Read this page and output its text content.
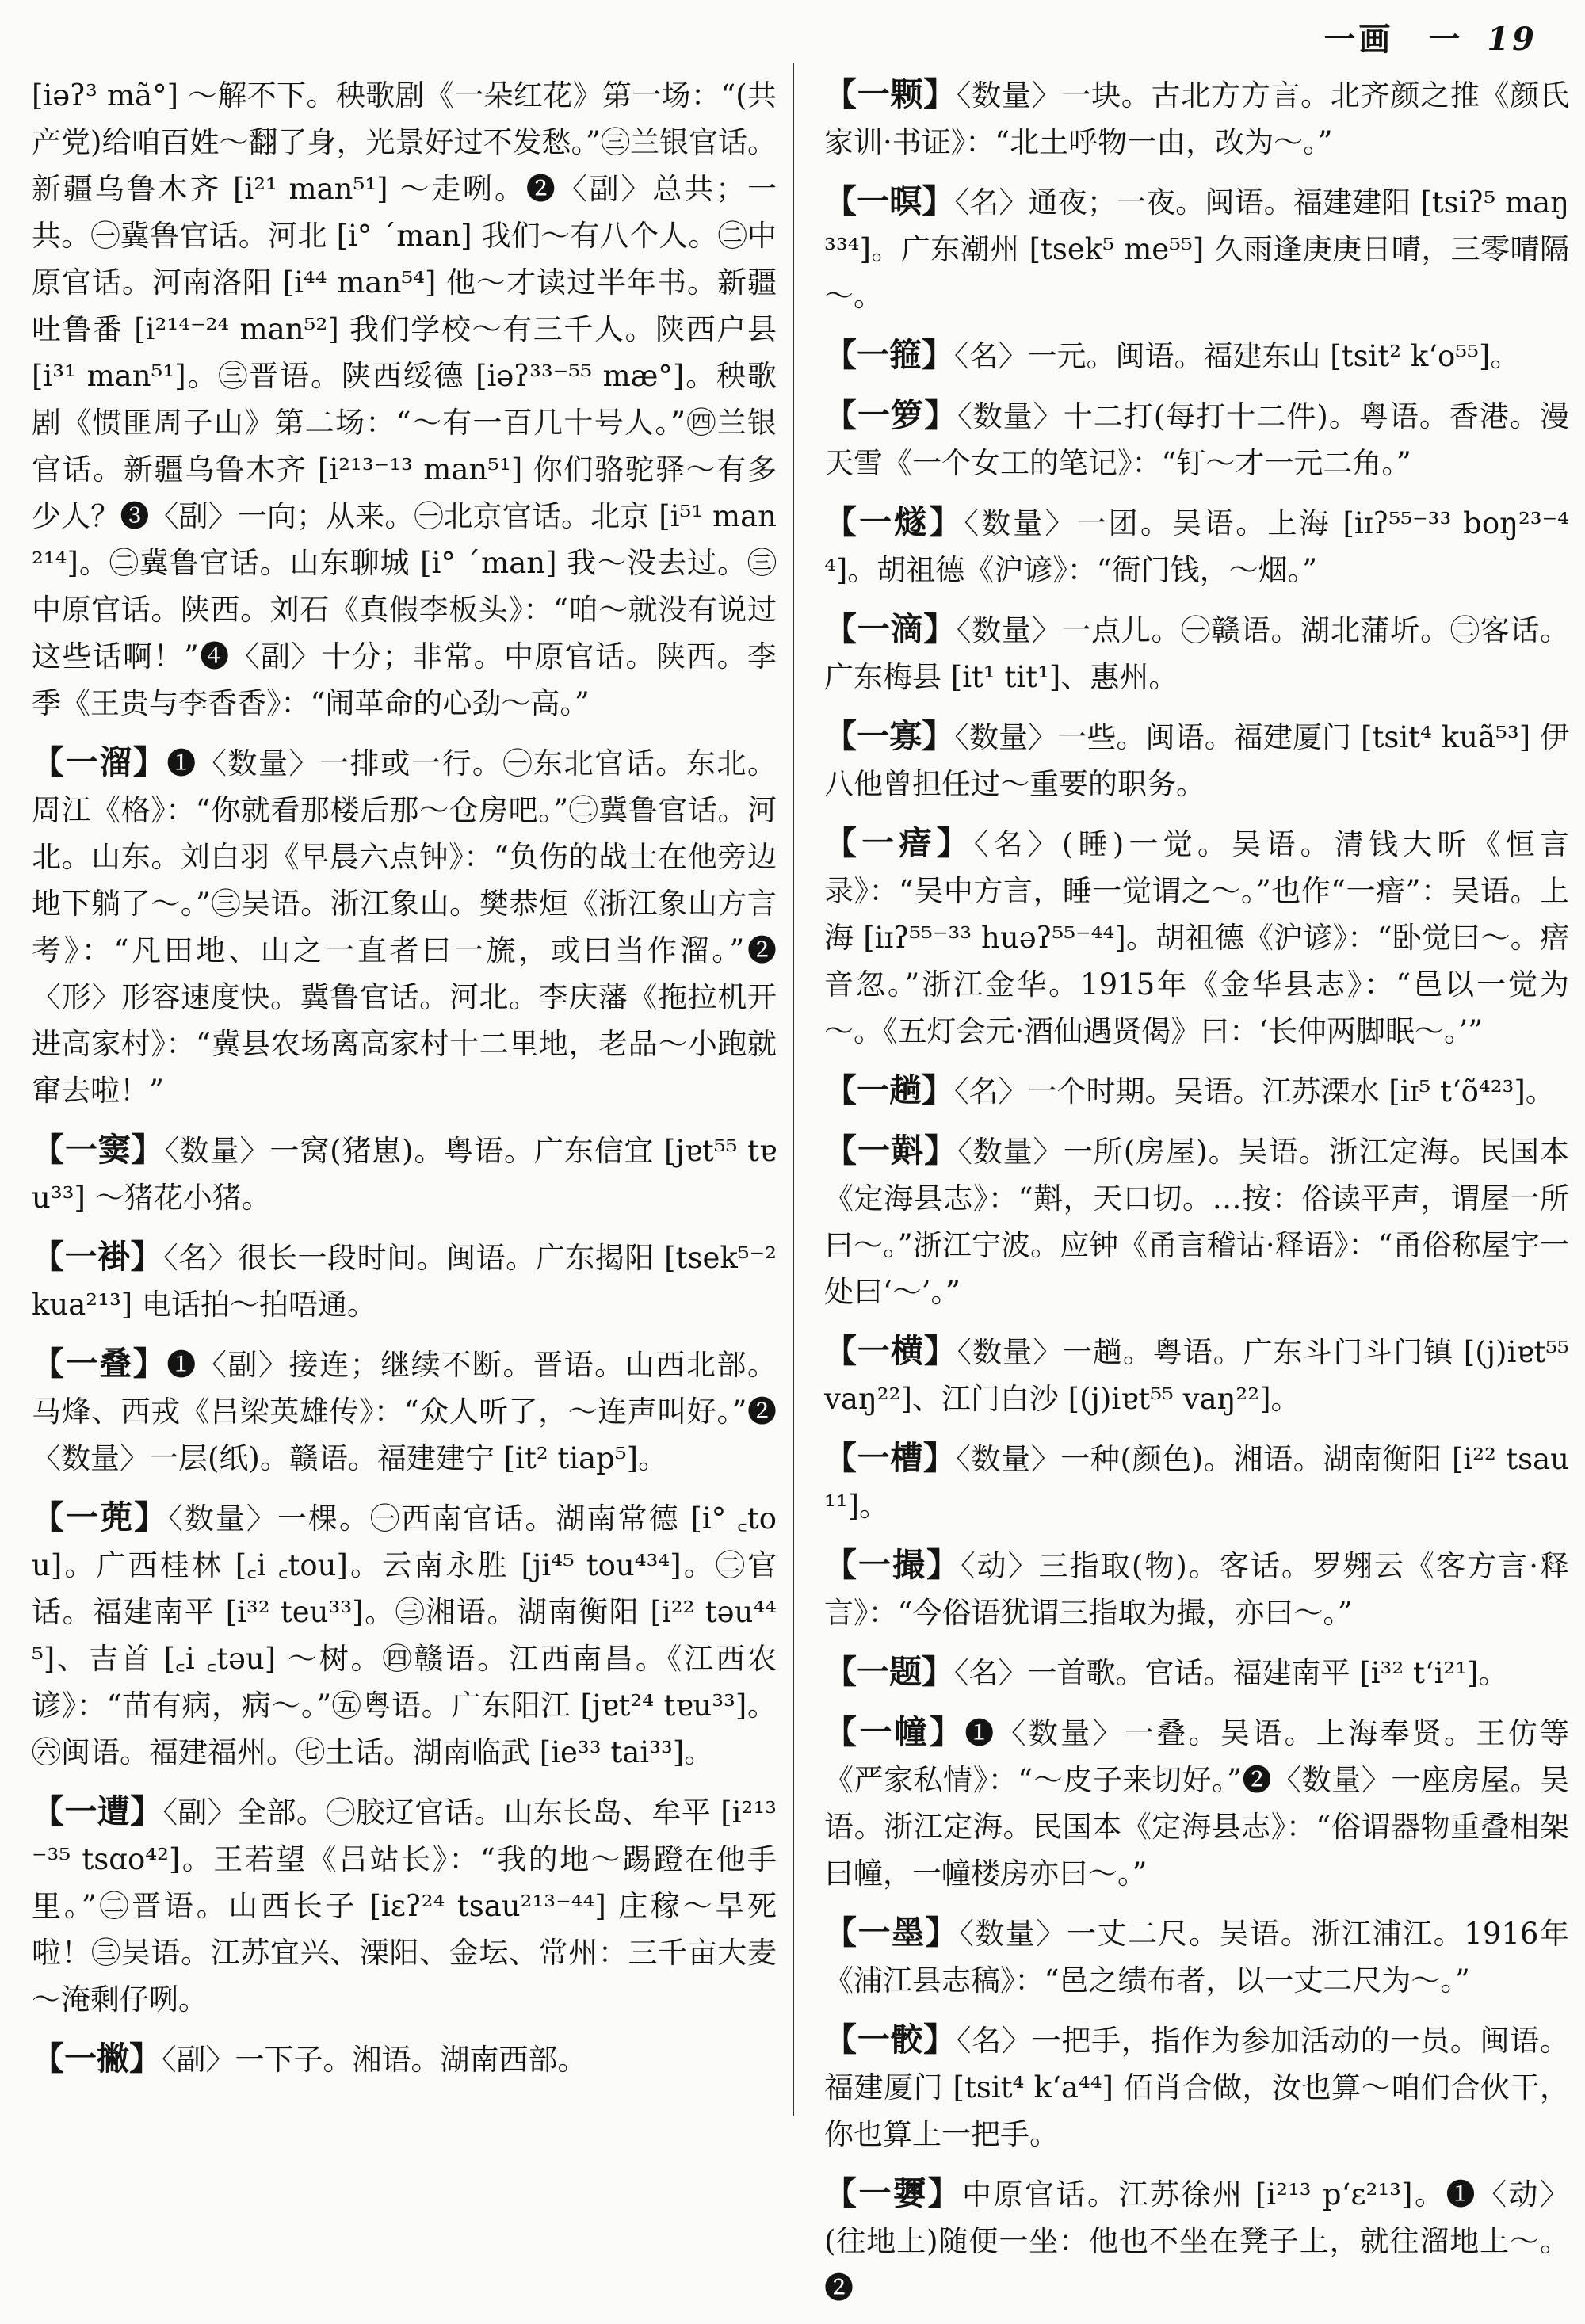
一画　一 19

[iəʔ³ mã°] ～解不下。秧歌剧《一朵红花》第一场：“(共产党)给咱百姓～翻了身，光景好过不发愁。”㊂兰银官话。新疆乌鲁木齐 [i²¹ man⁵¹] ～走咧。❷〈副〉总共；一共。㊀冀鲁官话。河北 [i° ˊman] 我们～有八个人。㊁中原官话。河南洛阳 [i⁴⁴ man⁵⁴] 他～才读过半年书。新疆吐鲁番 [i²¹⁴⁻²⁴ man⁵²] 我们学校～有三千人。陕西户县 [i³¹ man⁵¹]。㊂晋语。陕西绥德 [iəʔ³³⁻⁵⁵ mæ°]。秧歌剧《惯匪周子山》第二场：“～有一百几十号人。”㊃兰银官话。新疆乌鲁木齐 [i²¹³⁻¹³ man⁵¹] 你们骆驼驿～有多少人？❸〈副〉一向；从来。㊀北京官话。北京 [i⁵¹ man²¹⁴]。㊁冀鲁官话。山东聊城 [i° ˊman] 我～没去过。㊂中原官话。陕西。刘石《真假李板头》：“咱～就没有说过这些话啊！”❹〈副〉十分；非常。中原官话。陕西。李季《王贵与李香香》：“闹革命的心劲～高。”

【一溜】❶〈数量〉一排或一行。㊀东北官话。东北。周江《格》：“你就看那楼后那～仓房吧。”㊁冀鲁官话。河北。山东。刘白羽《早晨六点钟》：“负伤的战士在他旁边地下躺了～。”㊂吴语。浙江象山。樊恭烜《浙江象山方言考》：“凡田地、山之一直者曰一旒，或曰当作溜。”❷〈形〉形容速度快。冀鲁官话。河北。李庆藩《拖拉机开进高家村》：“冀县农场离高家村十二里地，老品～小跑就窜去啦！”

【一窦】〈数量〉一窝(猪崽)。粤语。广东信宜 [jɐt⁵⁵ tɐu³³] ～猪花小猪。

【一褂】〈名〉很长一段时间。闽语。广东揭阳 [tsek⁵⁻² kua²¹³] 电话拍～拍唔通。

【一叠】❶〈副〉接连；继续不断。晋语。山西北部。马烽、西戎《吕梁英雄传》：“众人听了，～连声叫好。”❷〈数量〉一层(纸)。赣语。福建建宁 [it² tiap⁵]。

【一蔸】〈数量〉一棵。㊀西南官话。湖南常德 [i° ꜀tou]。广西桂林 [꜀i ꜀tou]。云南永胜 [ji⁴⁵ tou⁴³⁴]。㊁官话。福建南平 [i³² teu³³]。㊂湘语。湖南衡阳 [i²² təu⁴⁴⁵]、吉首 [꜀i ꜀təu] ～树。㊃赣语。江西南昌。《江西农谚》：“苗有病，病～。”㊄粤语。广东阳江 [jɐt²⁴ tɐu³³]。㊅闽语。福建福州。㊆土话。湖南临武 [ie³³ tai³³]。

【一遭】〈副〉全部。㊀胶辽官话。山东长岛、牟平 [i²¹³⁻³⁵ tsɑo⁴²]。王若望《吕站长》：“我的地～踢蹬在他手里。”㊁晋语。山西长子 [iɛʔ²⁴ tsau²¹³⁻⁴⁴] 庄稼～旱死啦！㊂吴语。江苏宜兴、溧阳、金坛、常州：三千亩大麦～淹剩仔咧。

【一撇】〈副〉一下子。湘语。湖南西部。

【一颗】〈数量〉一块。古北方方言。北齐颜之推《颜氏家训·书证》：“北土呼物一由，改为～。”

【一暝】〈名〉通夜；一夜。闽语。福建建阳 [tsiʔ⁵ maŋ³³⁴]。广东潮州 [tsek⁵ me⁵⁵] 久雨逢庚庚日晴，三零晴隔～。

【一箍】〈名〉一元。闽语。福建东山 [tsit² k‘o⁵⁵]。

【一箩】〈数量〉十二打(每打十二件)。粤语。香港。漫天雪《一个女工的笔记》：“钉～才一元二角。”

【一燧】〈数量〉一团。吴语。上海 [iɪʔ⁵⁵⁻³³ boŋ²³⁻⁴⁴]。胡祖德《沪谚》：“衙门钱，～烟。”

【一滴】〈数量〉一点儿。㊀赣语。湖北蒲圻。㊁客话。广东梅县 [it¹ tit¹]、惠州。

【一寡】〈数量〉一些。闽语。福建厦门 [tsit⁴ kuã⁵³] 伊八他曾担任过～重要的职务。

【一瘖】〈名〉(睡)一觉。吴语。清钱大昕《恒言录》：“吴中方言，睡一觉谓之～。”也作“一瘖”：吴语。上海 [iɪʔ⁵⁵⁻³³ huəʔ⁵⁵⁻⁴⁴]。胡祖德《沪谚》：“卧觉曰～。瘖音忽。”浙江金华。1915年《金华县志》：“邑以一觉为～。《五灯会元·酒仙遇贤偈》曰：‘长伸两脚眠～。’”

【一趟】〈名〉一个时期。吴语。江苏溧水 [iɪ⁵ t‘õ⁴²³]。

【一斢】〈数量〉一所(房屋)。吴语。浙江定海。民国本《定海县志》：“斢，天口切。…按：俗读平声，谓屋一所曰～。”浙江宁波。应钟《甬言稽诂·释语》：“甬俗称屋宇一处曰‘～’。”

【一横】〈数量〉一趟。粤语。广东斗门斗门镇 [(j)iɐt⁵⁵ vaŋ²²]、江门白沙 [(j)iɐt⁵⁵ vaŋ²²]。

【一槽】〈数量〉一种(颜色)。湘语。湖南衡阳 [i²² tsau¹¹]。

【一撮】〈动〉三指取(物)。客话。罗翙云《客方言·释言》：“今俗语犹谓三指取为撮，亦曰～。”

【一题】〈名〉一首歌。官话。福建南平 [i³² t‘i²¹]。

【一幢】❶〈数量〉一叠。吴语。上海奉贤。王仿等《严家私情》：“～皮子来切好。”❷〈数量〉一座房屋。吴语。浙江定海。民国本《定海县志》：“俗谓器物重叠相架曰幢，一幢楼房亦曰～。”

【一墨】〈数量〉一丈二尺。吴语。浙江浦江。1916年《浦江县志稿》：“邑之绩布者，以一丈二尺为～。”

【一骹】〈名〉一把手，指作为参加活动的一员。闽语。福建厦门 [tsit⁴ k‘a⁴⁴] 佰肖合做，汝也算～咱们合伙干，你也算上一把手。

【一㜷】中原官话。江苏徐州 [i²¹³ p‘ɛ²¹³]。❶〈动〉(往地上)随便一坐：他也不坐在凳子上，就往溜地上～。❷
